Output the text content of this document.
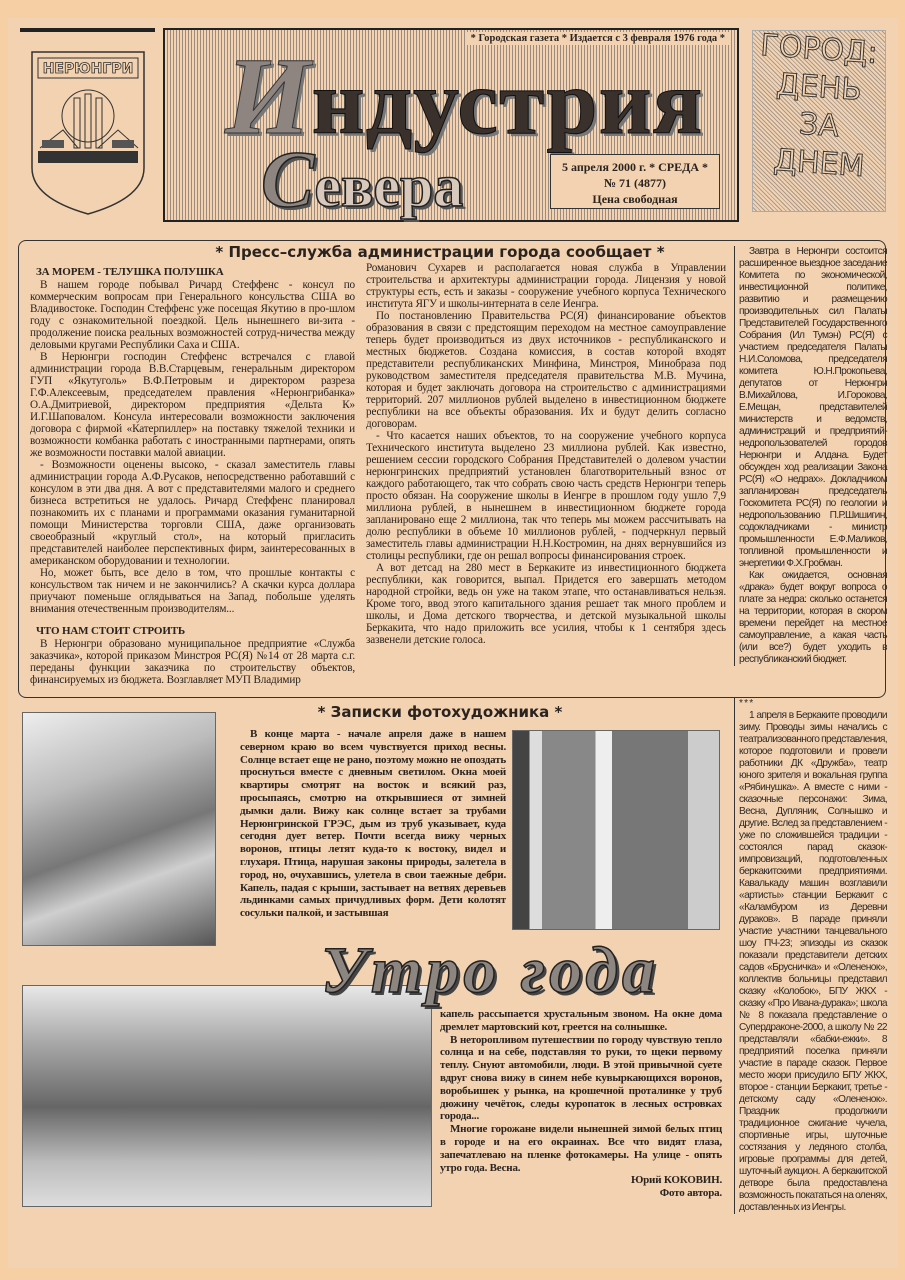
НЕРЮНГРИ
* Городская газета * Издается с 3 февраля 1976 года *
Индустрия
Севера	5 апреля 2000 г. * СРЕДА *
№ 71 (4877)
Цена свободная
ГОРОД:
ДЕНЬ
ЗА
ДНЕМ
* Пресс–служба администрации города сообщает *
ЗА МОРЕМ - ТЕЛУШКА ПОЛУШКА

В нашем городе побывал Ричард Стеффенс - консул по коммерческим вопросам при Генерального консульства США во Владивостоке. Господин Стеффенс уже посещая Якутию в про-шлом году с ознакомительной поездкой. Цель нынешнего ви-зита - продолжение поиска реальных возможностей сотруд-ничества между деловыми кругами Республики Саха и США.

В Нерюнгри господин Стеффенс встречался с главой администрации города В.В.Старцевым, генеральным директором ГУП «Якутуголь» В.Ф.Петровым и директором разреза Г.Ф.Алексеевым, председателем правления «Нерюнгрибанка» О.А.Дмитриевой, директором предприятия «Дельта К» И.Г.Шаповалом. Консула интересовали возможности заключения договора с фирмой «Катерпиллер» на поставку тяжелой техники и возможности комбанка работать с иностранными партнерами, опять же возможности поставки малой авиации.

- Возможности оценены высоко, - сказал заместитель главы администрации города А.Ф.Русаков, непосредственно работавший с консулом в эти два дня. А вот с представителями малого и среднего бизнеса встретиться не удалось. Ричард Стеффенс планировал познакомить их с планами и программами оказания гуманитарной помощи Министерства торговли США, даже организовать своеобразный «круглый стол», на который пригласить представителей наиболее перспективных фирм, заинтересованных в американском оборудовании и технологии.

Но, может быть, все дело в том, что прошлые контакты с консульством так ничем и не закончились? А скачки курса доллара приучают поменьше оглядываться на Запад, побольше уделять внимания отечественным производителям...

ЧТО НАМ СТОИТ СТРОИТЬ

В Нерюнгри образовано муниципальное предприятие «Служба заказчика», которой приказом Минстроя РС(Я) №14 от 28 марта с.г. переданы функции заказчика по строительству объектов, финансируемых из бюджета. Возглавляет МУП Владимир

Романович Сухарев и располагается новая служба в Управлении строительства и архитектуры администрации города. Лицензия у новой структуры есть, есть и заказы - сооружение учебного корпуса Технического института ЯГУ и школы-интерната в селе Иенгра.

По постановлению Правительства РС(Я) финансирование объектов образования в связи с предстоящим переходом на местное самоуправление теперь будет производиться из двух источников - республиканского и местных бюджетов. Создана комиссия, в состав которой входят представители республиканских Минфина, Минстроя, Минобраза под руководством заместителя председателя правительства М.В. Мучина, которая и будет заключать договора на строительство с администрациями территорий. 207 миллионов рублей выделено в инвестиционном бюджете республики на все объекты образования. Их и будут делить согласно договорам.

- Что касается наших объектов, то на сооружение учебного корпуса Технического института выделено 23 миллиона рублей. Как известно, решением сессии городского Собрания Представителей о долевом участии нерюнгринских предприятий установлен благотворительный взнос от каждого работающего, так что собрать свою часть средств Нерюнгри теперь просто обязан. На сооружение школы в Иенгре в прошлом году ушло 7,9 миллиона рублей, в нынешнем в инвестиционном бюджете города запланировано еще 2 миллиона, так что теперь мы можем рассчитывать на долю республики в объеме 10 миллионов рублей, - подчеркнул первый заместитель главы администрации Н.Н.Костромин, на днях вернувшийся из столицы республики, где он решал вопросы финансирования строек.

А вот детсад на 280 мест в Беркаките из инвестиционного бюджета республики, как говорится, выпал. Придется его завершать методом народной стройки, ведь он уже на таком этапе, что останавливаться нельзя. Кроме того, ввод этого капитального здания решает так много проблем и школы, и Дома детского творчества, и детской музыкальной школы Беркакита, что надо приложить все усилия, чтобы к 1 сентября здесь зазвенели детские голоса.

Завтра в Нерюнгри состоится расширенное выездное заседание Комитета по экономической, инвестиционной политике, развитию и размещению производительных сил Палаты Представителей Государственного Собрания (Ил Тумэн) РС(Я) с участием председателя Палаты Н.И.Соломова, председателя комитета Ю.Н.Прокопьева, депутатов от Нерюнгри В.Михайлова, И.Горокова, Е.Мещан, представителей министерств и ведомств, администраций и предприятий-недропользователей городов Нерюнгри и Алдана. Будет обсужден ход реализации Закона РС(Я) «О недрах». Докладчиком запланирован председатель Госкомитета РС(Я) по геологии и недропользованию П.Р.Шишигин, содокладчиками - министр промышленности Е.Ф.Маликов, топливной промышленности и энергетики Ф.Х.Гробман.

Как ожидается, основная «драка» будет вокруг вопроса о плате за недра: сколько останется на территории, которая в скором времени перейдет на местное самоуправление, а какая часть (или все?) будет уходить в республиканский бюджет.

* Записки фотохудожника *

В конце марта - начале апреля даже в нашем северном краю во всем чувствуется приход весны. Солнце встает еще не рано, поэтому можно не опоздать проснуться вместе с дневным светилом. Окна моей квартиры смотрят на восток и всякий раз, просыпаясь, смотрю на открывшиеся от зимней дымки дали. Вижу как солнце встает за трубами Нерюнгринской ГРЭС, дым из труб указывает, куда сегодня дует ветер. Почти всегда вижу черных воронов, птицы летят куда-то к востоку, видел и глухаря. Птица, нарушая законы природы, залетела в город, но, очухавшись, улетела в свои таежные дебри. Капель, падая с крыши, застывает на ветвях деревьев льдинками самых причудливых форм. Дети колотят сосульки палкой, и застывшая

Утро года

капель рассыпается хрустальным звоном. На окне дома дремлет мартовский кот, греется на солнышке.

В неторопливом путешествии по городу чувствую тепло солнца и на себе, подставляя то руки, то щеки первому теплу. Снуют автомобили, люди. В этой привычной суете вдруг снова вижу в синем небе кувыркающихся воронов, воробьишек у рынка, на крошечной проталинке у труб дюжину чечёток, следы куропаток в лесных островках города...

Многие горожане видели нынешней зимой белых птиц в городе и на его окраинах. Все что видят глаза, запечатлеваю на пленке фотокамеры. На улице - опять утро года. Весна.

Юрий КОКОВИН.

Фото автора.

* * *

1 апреля в Беркаките проводили зиму. Проводы зимы начались с театрализованного представления, которое подготовили и провели работники ДК «Дружба», театр юного зрителя и вокальная группа «Рябинушка». А вместе с ними - сказочные персонажи: Зима, Весна, Дупляник, Солнышко и другие. Вслед за представлением - уже по сложившейся традиции - состоялся парад сказок-импровизаций, подготовленных беркакитскими предприятиями. Кавалькаду машин возглавили «артисты» станции Беркакит с «Каламбуром из Деревни дураков». В параде приняли участие участники танцевального шоу ПЧ-23; эпизоды из сказок показали представители детских садов «Брусничка» и «Олененок», коллектив больницы представил сказку «Колобок», БПУ ЖКХ - сказку «Про Ивана-дурака»; школа № 8 показала представление о Супердраконе-2000, а школу № 22 представляли «бабки-ежки». 8 предприятий поселка приняли участие в параде сказок. Первое место жюри присудило БПУ ЖКХ, второе - станции Беркакит, третье - детскому саду «Олененок». Праздник продолжили традиционное сжигание чучела, спортивные игры, шуточные состязания у ледяного столба, игровые программы для детей, шуточный аукцион. А беркакитской детворе была предоставлена возможность покататься на оленях, доставленных из Иенгры.
